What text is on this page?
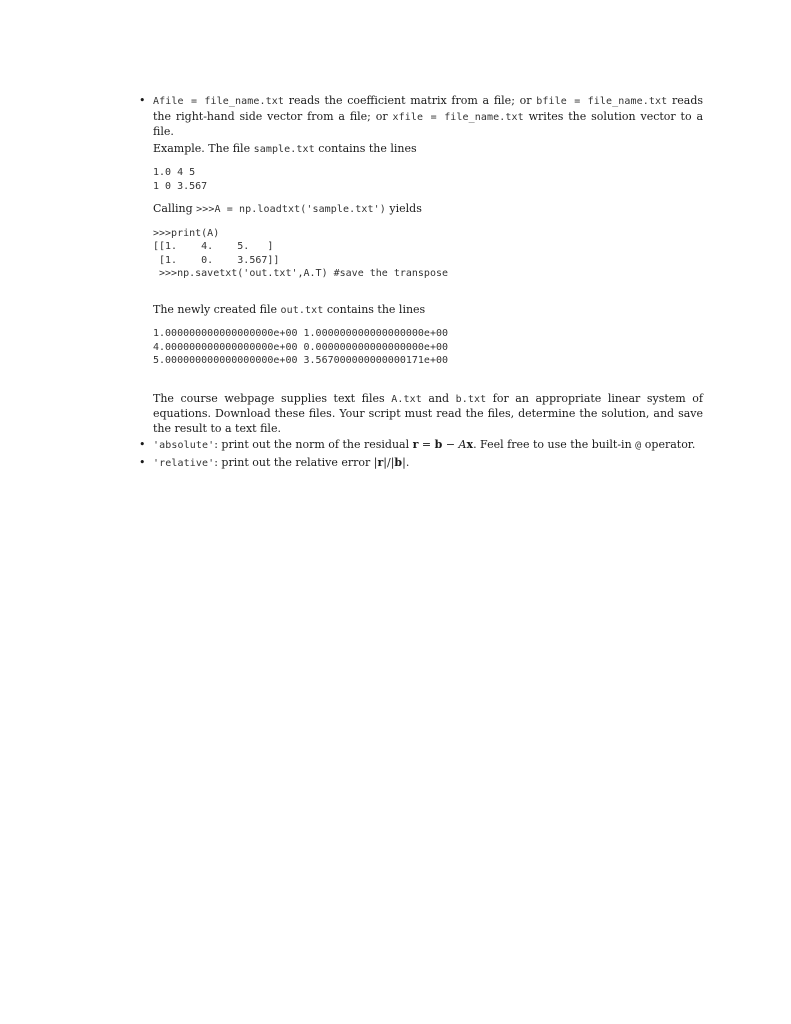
• Afile = file_name.txt reads the coefficient matrix from a file; or bfile = file_name.txt reads the right-hand side vector from a file; or xfile = file_name.txt writes the solution vector to a file.

Example. The file sample.txt contains the lines

1.0 4 5
1 0 3.567

Calling >>>A = np.loadtxt('sample.txt') yields

>>>print(A)
[[1.    4.    5.   ]
[1.    0.    3.567]]
>>>np.savetxt('out.txt',A.T) #save the transpose

The newly created file out.txt contains the lines

1.000000000000000000e+00 1.000000000000000000e+00
4.000000000000000000e+00 0.000000000000000000e+00
5.000000000000000000e+00 3.567000000000000171e+00

The course webpage supplies text files A.txt and b.txt for an appropriate linear system of equations. Download these files. Your script must read the files, determine the solution, and save the result to a text file.

• 'absolute': print out the norm of the residual r = b − Ax. Feel free to use the built-in @ operator.

• 'relative': print out the relative error |r|/|b|.
